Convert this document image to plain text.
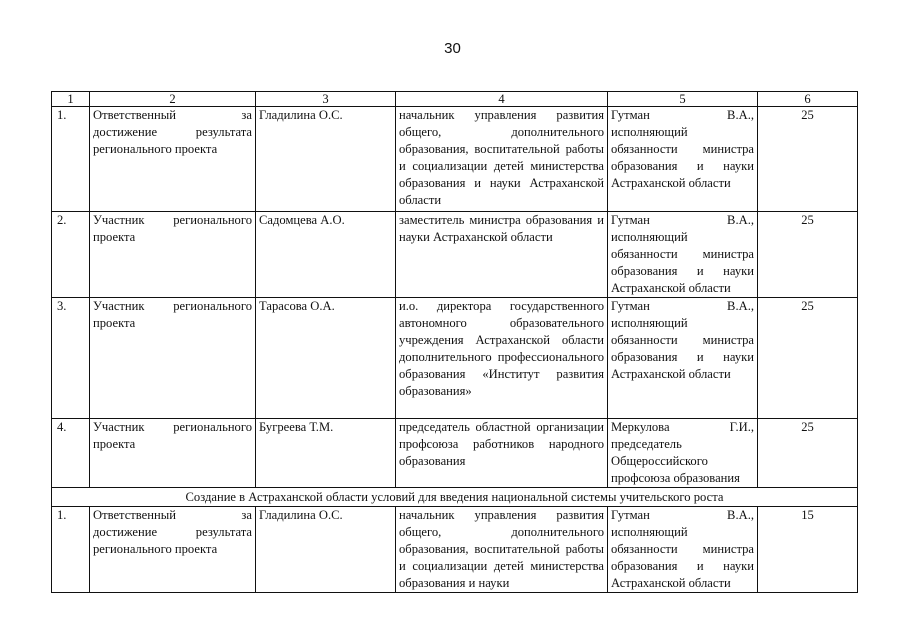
30
1	2	3	4	5	6
1.	Ответственный за достижение результата регионального проекта	Гладилина О.С.	начальник управления развития общего, дополнительного образования, воспитательной работы и социализации детей министерства образования и науки Астраханской области	Гутман В.А., исполняющий обязанности министра образования и науки Астраханской области	25
2.	Участник регионального проекта	Садомцева А.О.	заместитель министра образования и науки Астраханской области	Гутман В.А., исполняющий обязанности министра образования и науки Астраханской области	25
3.	Участник регионального проекта	Тарасова О.А.	и.о. директора государственного автономного образовательного учреждения Астраханской области дополнительного профессионального образования «Институт развития образования»	Гутман В.А., исполняющий обязанности министра образования и науки Астраханской области	25
4.	Участник регионального проекта	Бугреева Т.М.	председатель областной организации профсоюза работников народного образования	Меркулова Г.И., председатель Общероссийского профсоюза образования	25
Создание в Астраханской области условий для введения национальной системы учительского роста					
1.	Ответственный за достижение результата регионального проекта	Гладилина О.С.	начальник управления развития общего, дополнительного образования, воспитательной работы и социализации детей министерства образования и науки	Гутман В.А., исполняющий обязанности министра образования и науки Астраханской области	15
